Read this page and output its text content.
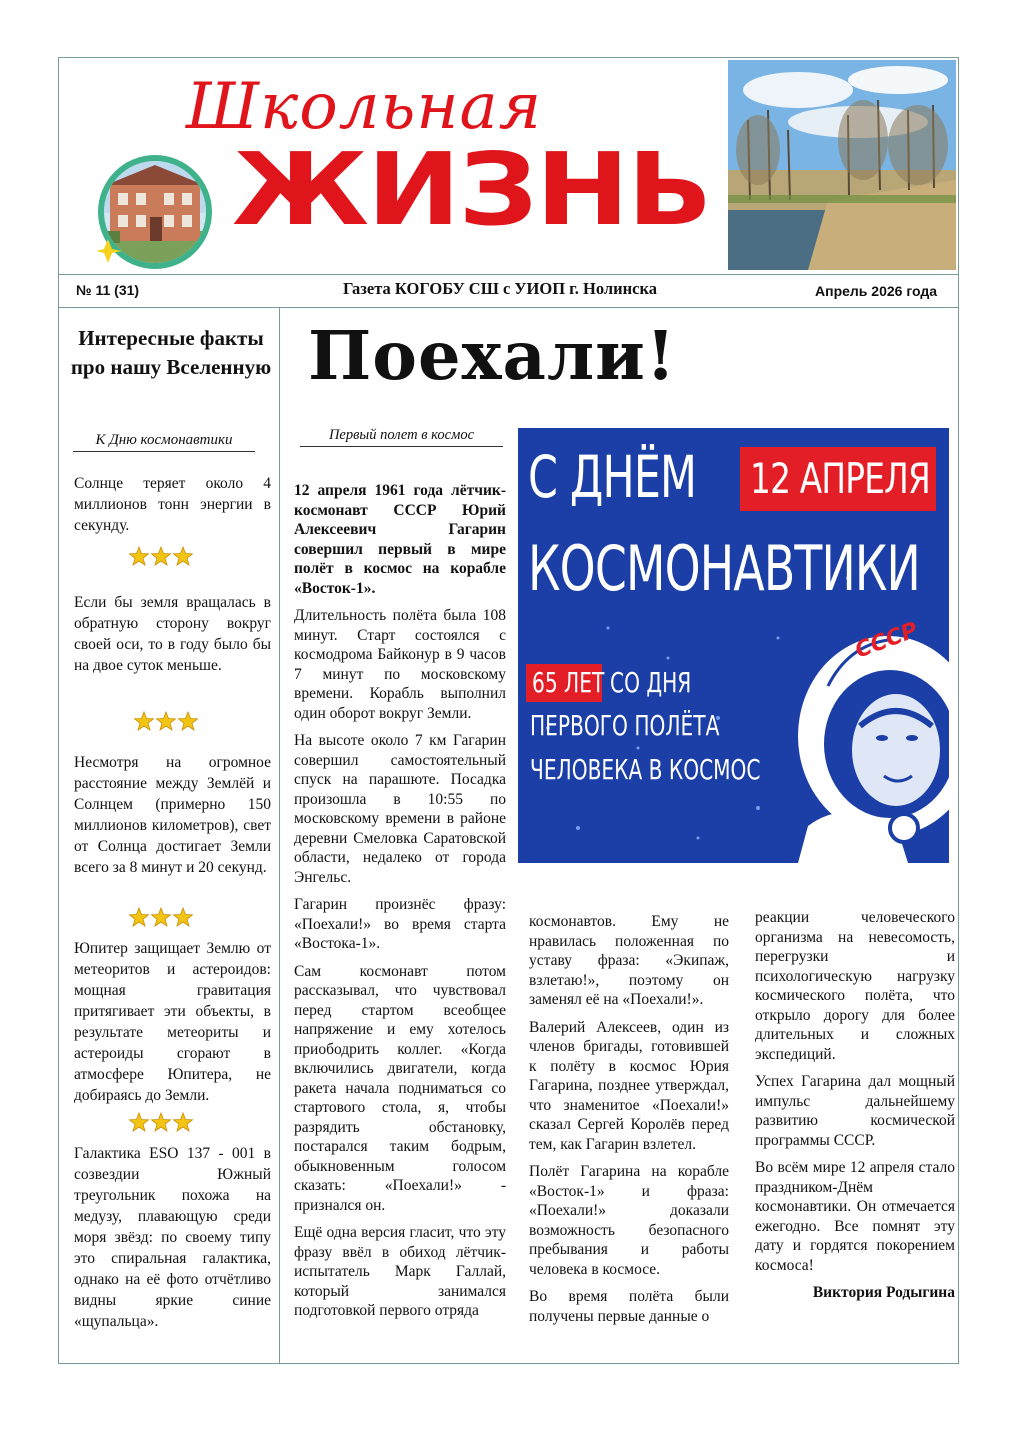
Школьная
ЖИЗНЬ
№ 11 (31)	Газета КОГОБУ СШ с УИОП г. Нолинска	Апрель 2026 года
Интересные факты про нашу Вселенную
К Дню космонавтики
Солнце теряет около 4 миллионов тонн энергии в секунду.
Если бы земля вращалась в обратную сторону вокруг своей оси, то в году было бы на двое суток меньше.
Несмотря на огромное расстояние между Землёй и Солнцем (примерно 150 миллионов километров), свет от Солнца достигает Земли всего за 8 минут и 20 секунд.
Юпитер защищает Землю от метеоритов и астероидов: мощная гравитация притягивает эти объекты, в результате метеориты и астероиды сгорают в атмосфере Юпитера, не добираясь до Земли.
Галактика ESO 137 - 001 в созвездии Южный треугольник похожа на медузу, плавающую среди моря звёзд: по своему типу это спиральная галактика, однако на её фото отчётливо видны яркие синие «щупальца».
Поехали!
Первый полет в космос

12 апреля 1961 года лётчик-космонавт СССР Юрий Алексеевич Гагарин совершил первый в мире полёт в космос на корабле «Восток-1».

Длительность полёта была 108 минут. Старт состоялся с космодрома Байконур в 9 часов 7 минут по московскому времени. Корабль выполнил один оборот вокруг Земли.

На высоте около 7 км Гагарин совершил самостоятельный спуск на парашюте. Посадка произошла в 10:55 по московскому времени в районе деревни Смеловка Саратовской области, недалеко от города Энгельс.

Гагарин произнёс фразу: «Поехали!» во время старта «Востока-1».

Сам космонавт потом рассказывал, что чувствовал перед стартом всеобщее напряжение и ему хотелось приободрить коллег. «Когда включились двигатели, когда ракета начала подниматься со стартового стола, я, чтобы разрядить обстановку, постарался таким бодрым, обыкновенным голосом сказать: «Поехали!» - признался он.

Ещё одна версия гласит, что эту фразу ввёл в обиход лётчик-испытатель Марк Галлай, который занимался подготовкой первого отряда

космонавтов. Ему не нравилась положенная по уставу фраза: «Экипаж, взлетаю!», поэтому он заменял её на «Поехали!».

Валерий Алексеев, один из членов бригады, готовившей к полёту в космос Юрия Гагарина, позднее утверждал, что знаменитое «Поехали!» сказал Сергей Королёв перед тем, как Гагарин взлетел.

Полёт Гагарина на корабле «Восток-1» и фраза: «Поехали!» доказали возможность безопасного пребывания и работы человека в космосе.

Во время полёта были получены первые данные о

реакции человеческого организма на невесомость, перегрузки и психологическую нагрузку космического полёта, что открыло дорогу для более длительных и сложных экспедиций.

Успех Гагарина дал мощный импульс дальнейшему развитию космической программы СССР.

Во всём мире 12 апреля стало праздником-Днём космонавтики. Он отмечается ежегодно. Все помнят эту дату и гордятся покорением космоса!

Виктория Родыгина

С ДНЁМ 12 АПРЕЛЯ
КОСМОНАВТИКИ
65 ЛЕТ СО ДНЯ
ПЕРВОГО ПОЛЁТА
ЧЕЛОВЕКА В КОСМОС
СССР
